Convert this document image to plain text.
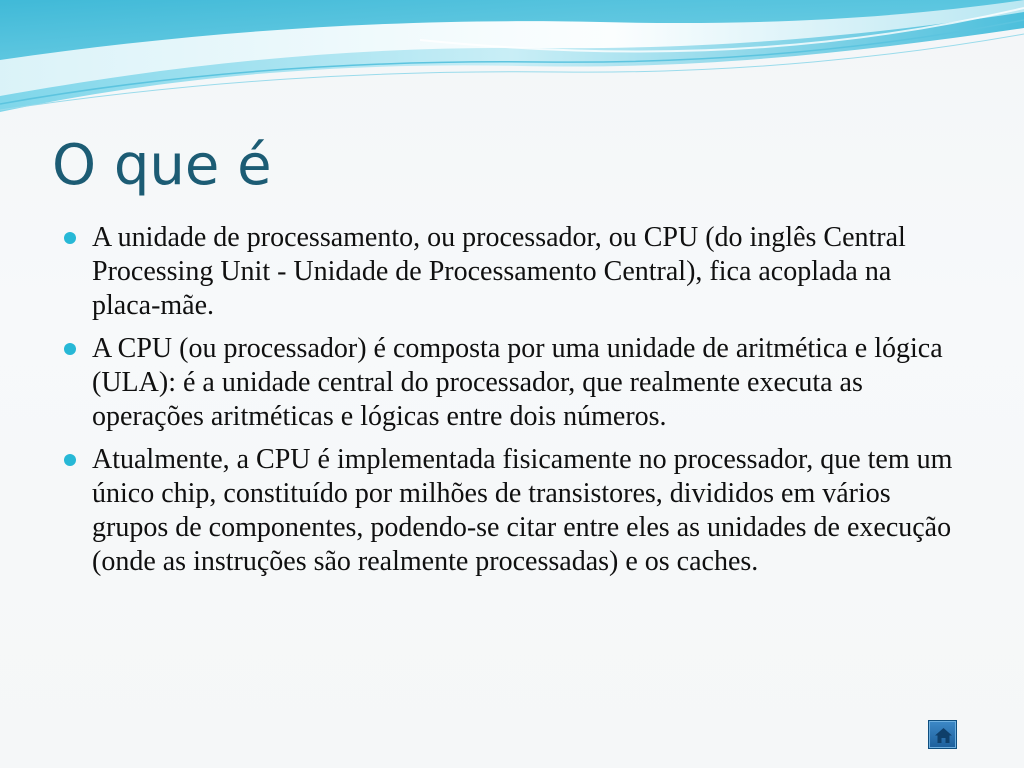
O que é
A unidade de processamento, ou processador, ou CPU (do inglês Central Processing Unit - Unidade de Processamento Central), fica acoplada na placa-mãe.
A CPU (ou processador) é composta por uma unidade de aritmética e lógica (ULA): é a unidade central do processador, que realmente executa as operações aritméticas e lógicas entre dois números.
Atualmente, a CPU é implementada fisicamente no processador, que tem um único chip, constituído por milhões de transistores, divididos em vários grupos de componentes, podendo-se citar entre eles as unidades de execução (onde as instruções são realmente processadas) e os caches.
